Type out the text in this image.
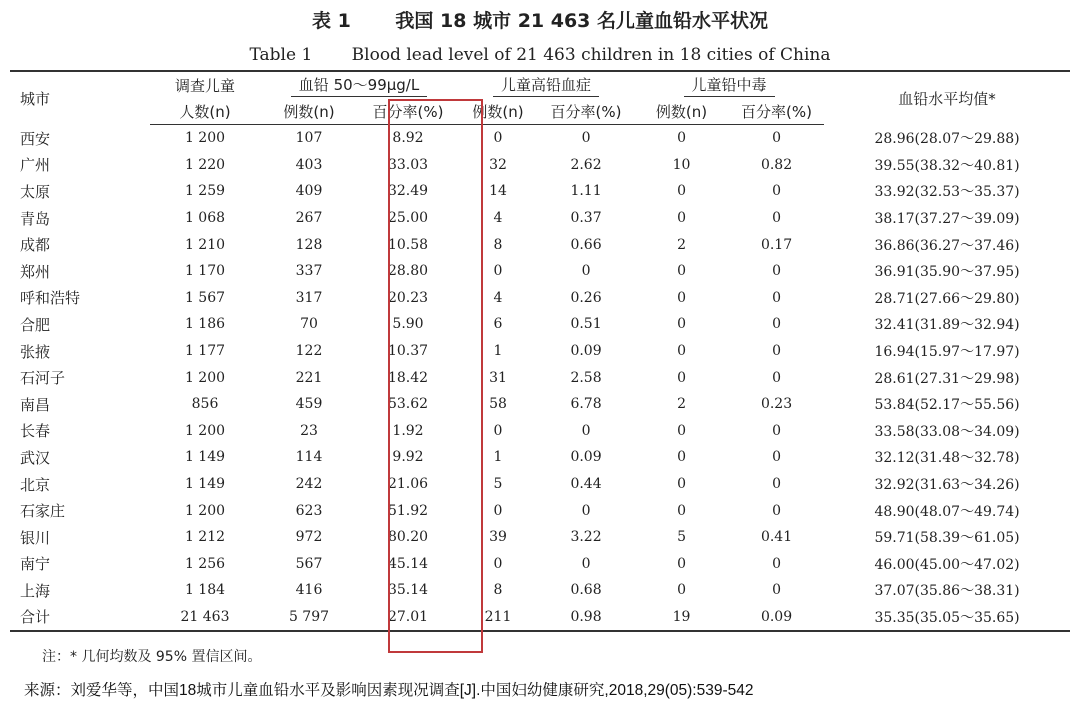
表 1　　 我国 18 城市 21 463 名儿童血铅水平状况
Table 1　　 Blood lead level of 21 463 children in 18 cities of China
城市	调查儿童	血铅 50～99μg/L		儿童高铅血症		儿童铅中毒		血铅水平均值*
	人数(n)	例数(n)	百分率(%)	例数(n)	百分率(%)	例数(n)	百分率(%)	
西安	1 200	107	8.92	0	0	0	0	28.96(28.07～29.88)
广州	1 220	403	33.03	32	2.62	10	0.82	39.55(38.32～40.81)
太原	1 259	409	32.49	14	1.11	0	0	33.92(32.53～35.37)
青岛	1 068	267	25.00	4	0.37	0	0	38.17(37.27～39.09)
成都	1 210	128	10.58	8	0.66	2	0.17	36.86(36.27～37.46)
郑州	1 170	337	28.80	0	0	0	0	36.91(35.90～37.95)
呼和浩特	1 567	317	20.23	4	0.26	0	0	28.71(27.66～29.80)
合肥	1 186	70	5.90	6	0.51	0	0	32.41(31.89～32.94)
张掖	1 177	122	10.37	1	0.09	0	0	16.94(15.97～17.97)
石河子	1 200	221	18.42	31	2.58	0	0	28.61(27.31～29.98)
南昌	856	459	53.62	58	6.78	2	0.23	53.84(52.17～55.56)
长春	1 200	23	1.92	0	0	0	0	33.58(33.08～34.09)
武汉	1 149	114	9.92	1	0.09	0	0	32.12(31.48～32.78)
北京	1 149	242	21.06	5	0.44	0	0	32.92(31.63～34.26)
石家庄	1 200	623	51.92	0	0	0	0	48.90(48.07～49.74)
银川	1 212	972	80.20	39	3.22	5	0.41	59.71(58.39～61.05)
南宁	1 256	567	45.14	0	0	0	0	46.00(45.00～47.02)
上海	1 184	416	35.14	8	0.68	0	0	37.07(35.86～38.31)
合计	21 463	5 797	27.01	211	0.98	19	0.09	35.35(35.05～35.65)
注：* 几何均数及 95% 置信区间。
来源：刘爱华等，中国18城市儿童血铅水平及影响因素现况调查[J].中国妇幼健康研究,2018,29(05):539-542
